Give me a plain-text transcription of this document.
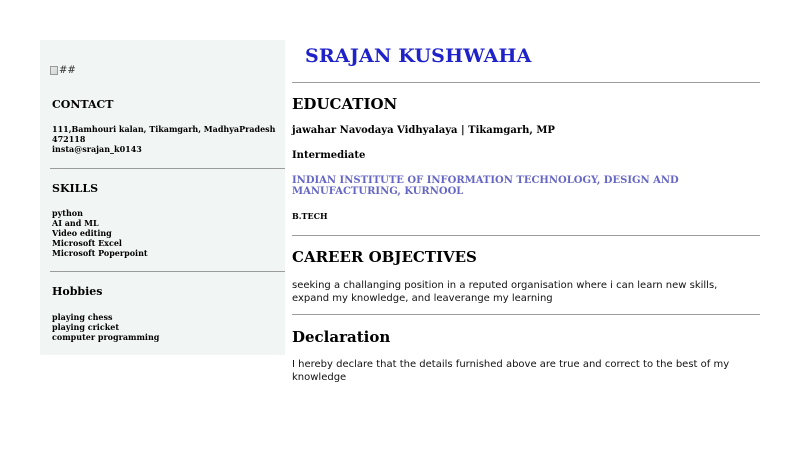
##
CONTACT
111,Bamhouri kalan, Tikamgarh, MadhyaPradesh
472118
insta@srajan_k0143
SKILLS
python
AI and ML
Video editing
Microsoft Excel
Microsoft Poperpoint
Hobbies
playing chess
playing cricket
computer programming
SRAJAN KUSHWAHA
EDUCATION

jawahar Navodaya Vidhyalaya | Tikamgarh, MP

Intermediate

INDIAN INSTITUTE OF INFORMATION TECHNOLOGY, DESIGN AND MANUFACTURING, KURNOOL

B.TECH

CAREER OBJECTIVES

seeking a challanging position in a reputed organisation where i can learn new skills, expand my knowledge, and leaverange my learning

Declaration

I hereby declare that the details furnished above are true and correct to the best of my knowledge
